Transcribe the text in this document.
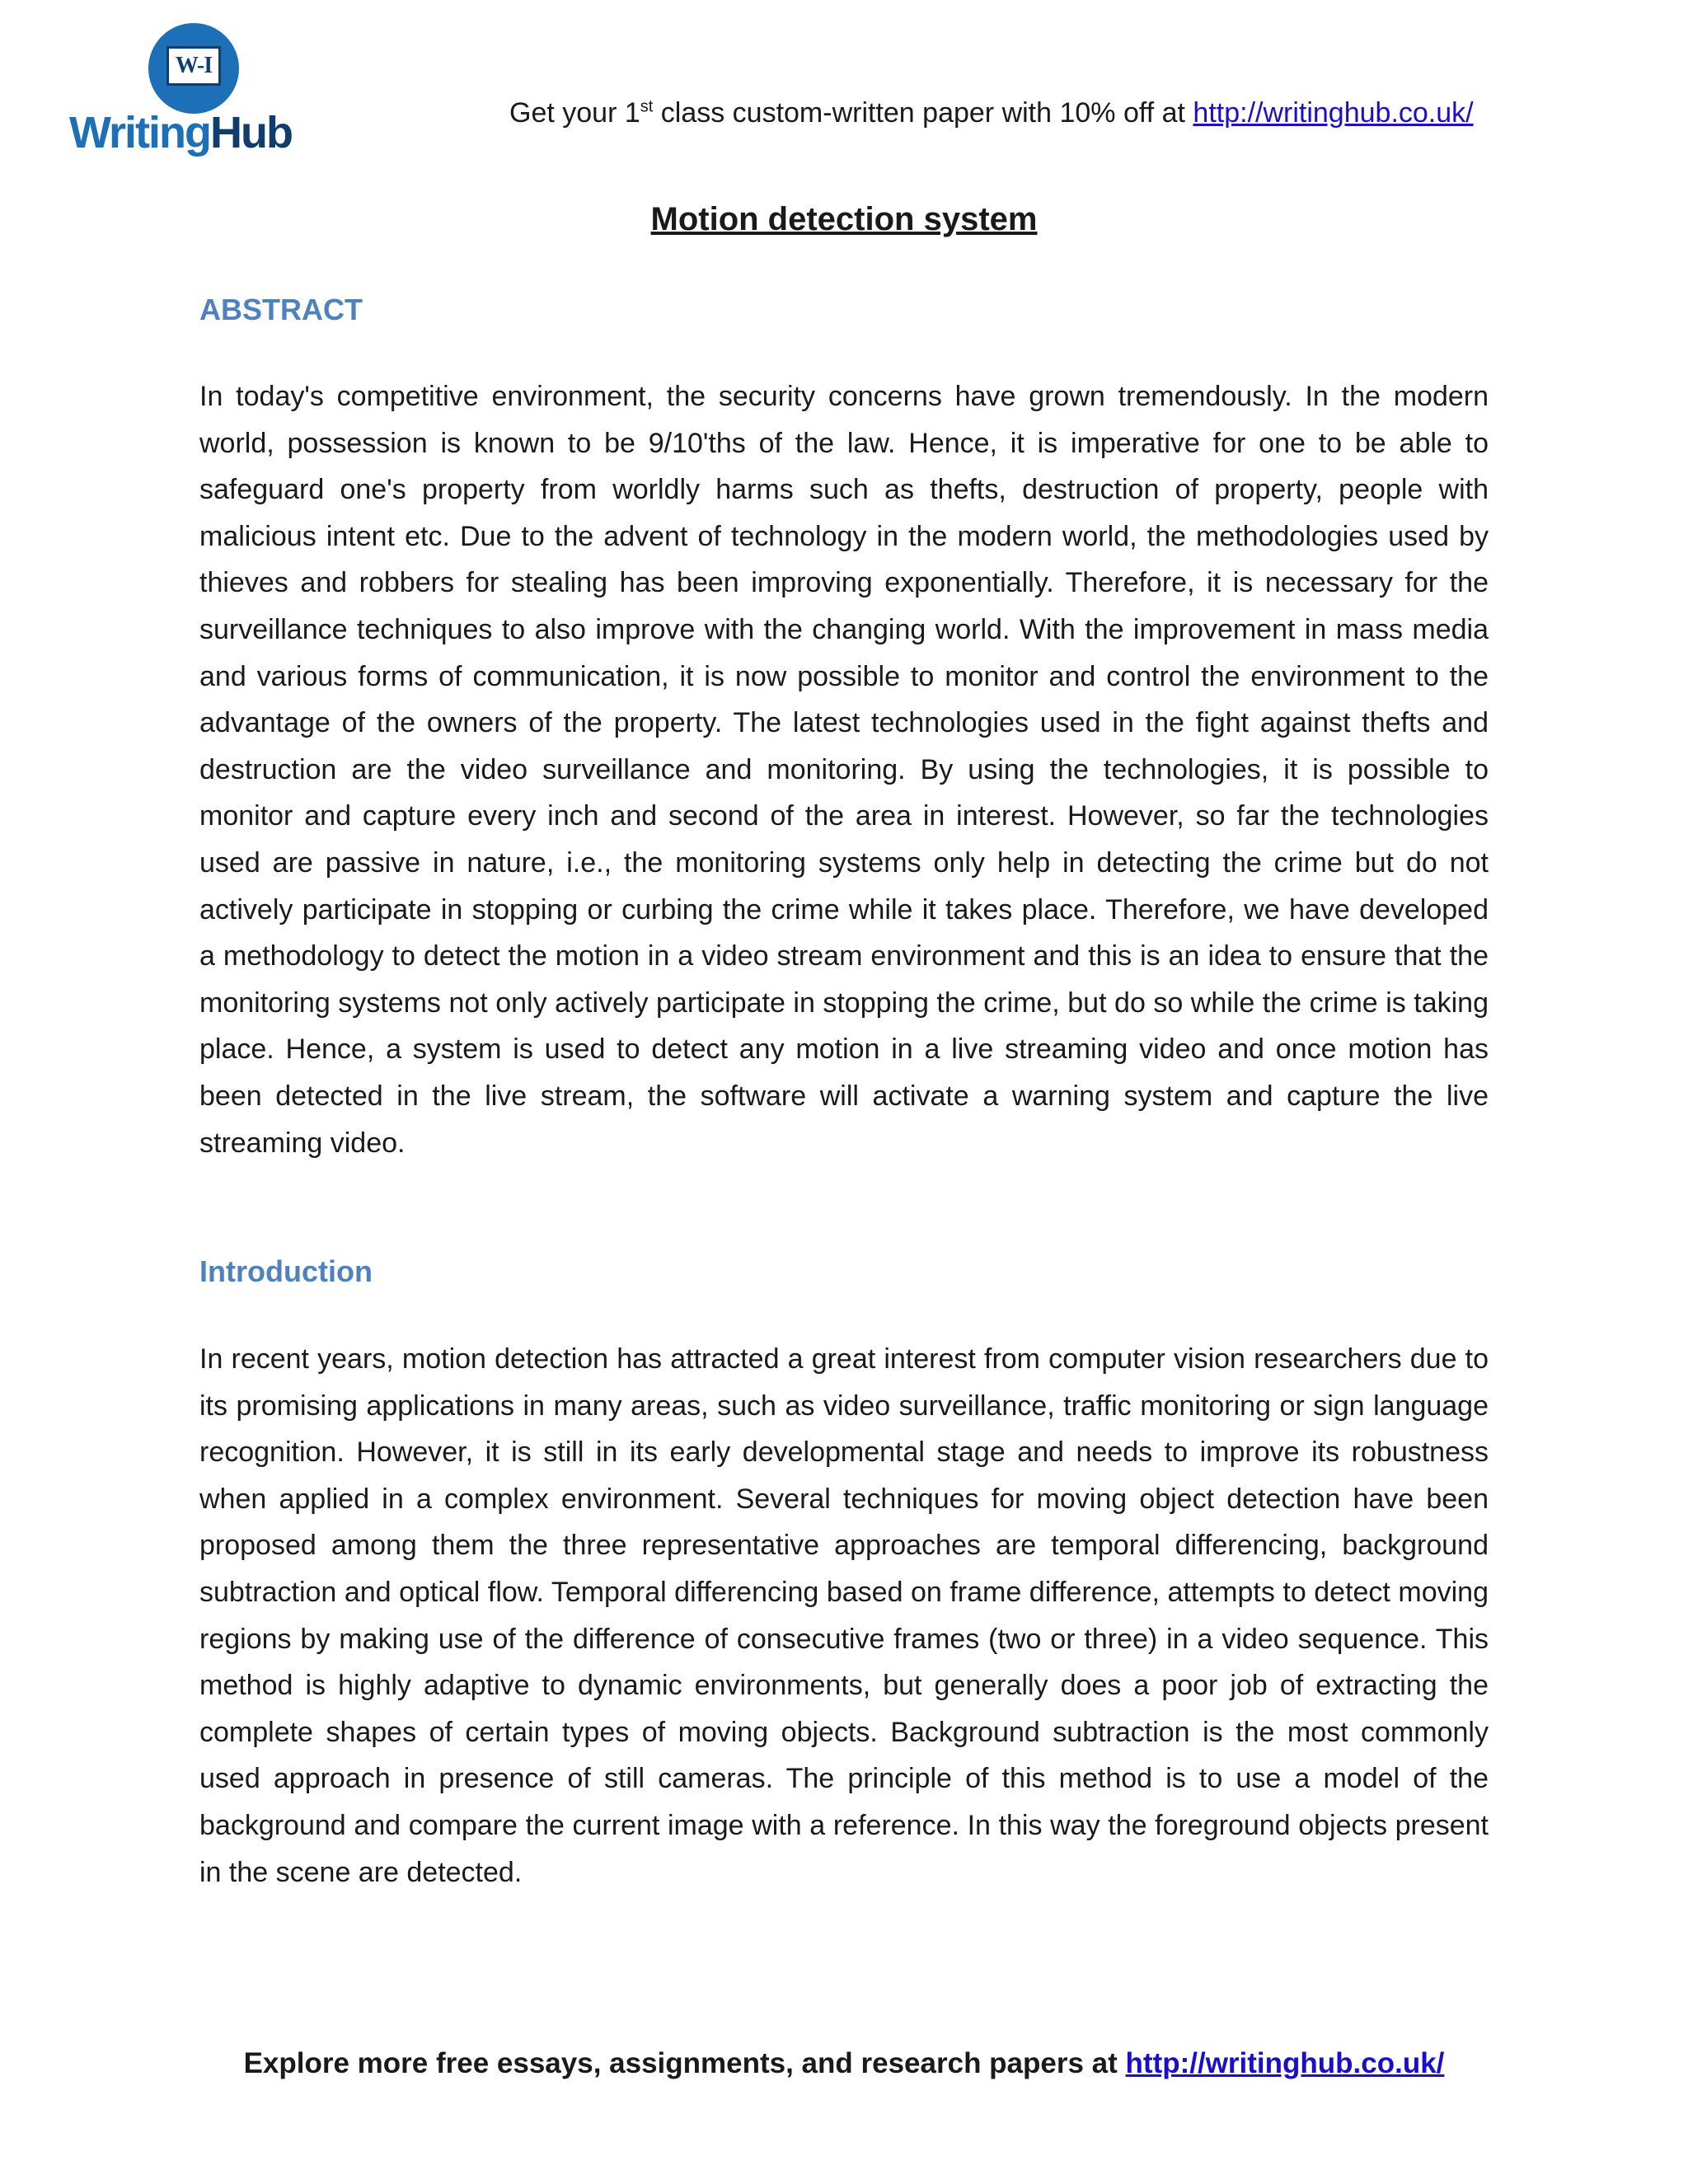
W-I
WritingHub	Get your 1st class custom-written paper with 10% off at http://writinghub.co.uk/
Motion detection system
ABSTRACT
In today's competitive environment, the security concerns have grown tremendously. In the modern world, possession is known to be 9/10'ths of the law. Hence, it is imperative for one to be able to safeguard one's property from worldly harms such as thefts, destruction of property, people with malicious intent etc. Due to the advent of technology in the modern world, the methodologies used by thieves and robbers for stealing has been improving exponentially. Therefore, it is necessary for the surveillance techniques to also improve with the changing world. With the improvement in mass media and various forms of communication, it is now possible to monitor and control the environment to the advantage of the owners of the property. The latest technologies used in the fight against thefts and destruction are the video surveillance and monitoring. By using the technologies, it is possible to monitor and capture every inch and second of the area in interest. However, so far the technologies used are passive in nature, i.e., the monitoring systems only help in detecting the crime but do not actively participate in stopping or curbing the crime while it takes place. Therefore, we have developed a methodology to detect the motion in a video stream environment and this is an idea to ensure that the monitoring systems not only actively participate in stopping the crime, but do so while the crime is taking place. Hence, a system is used to detect any motion in a live streaming video and once motion has been detected in the live stream, the software will activate a warning system and capture the live streaming video.
Introduction
In recent years, motion detection has attracted a great interest from computer vision researchers due to its promising applications in many areas, such as video surveillance, traffic monitoring or sign language recognition. However, it is still in its early developmental stage and needs to improve its robustness when applied in a complex environment. Several techniques for moving object detection have been proposed among them the three representative approaches are temporal differencing, background subtraction and optical flow. Temporal differencing based on frame difference, attempts to detect moving regions by making use of the difference of consecutive frames (two or three) in a video sequence. This method is highly adaptive to dynamic environments, but generally does a poor job of extracting the complete shapes of certain types of moving objects. Background subtraction is the most commonly used approach in presence of still cameras. The principle of this method is to use a model of the background and compare the current image with a reference. In this way the foreground objects present in the scene are detected.
Explore more free essays, assignments, and research papers at http://writinghub.co.uk/
